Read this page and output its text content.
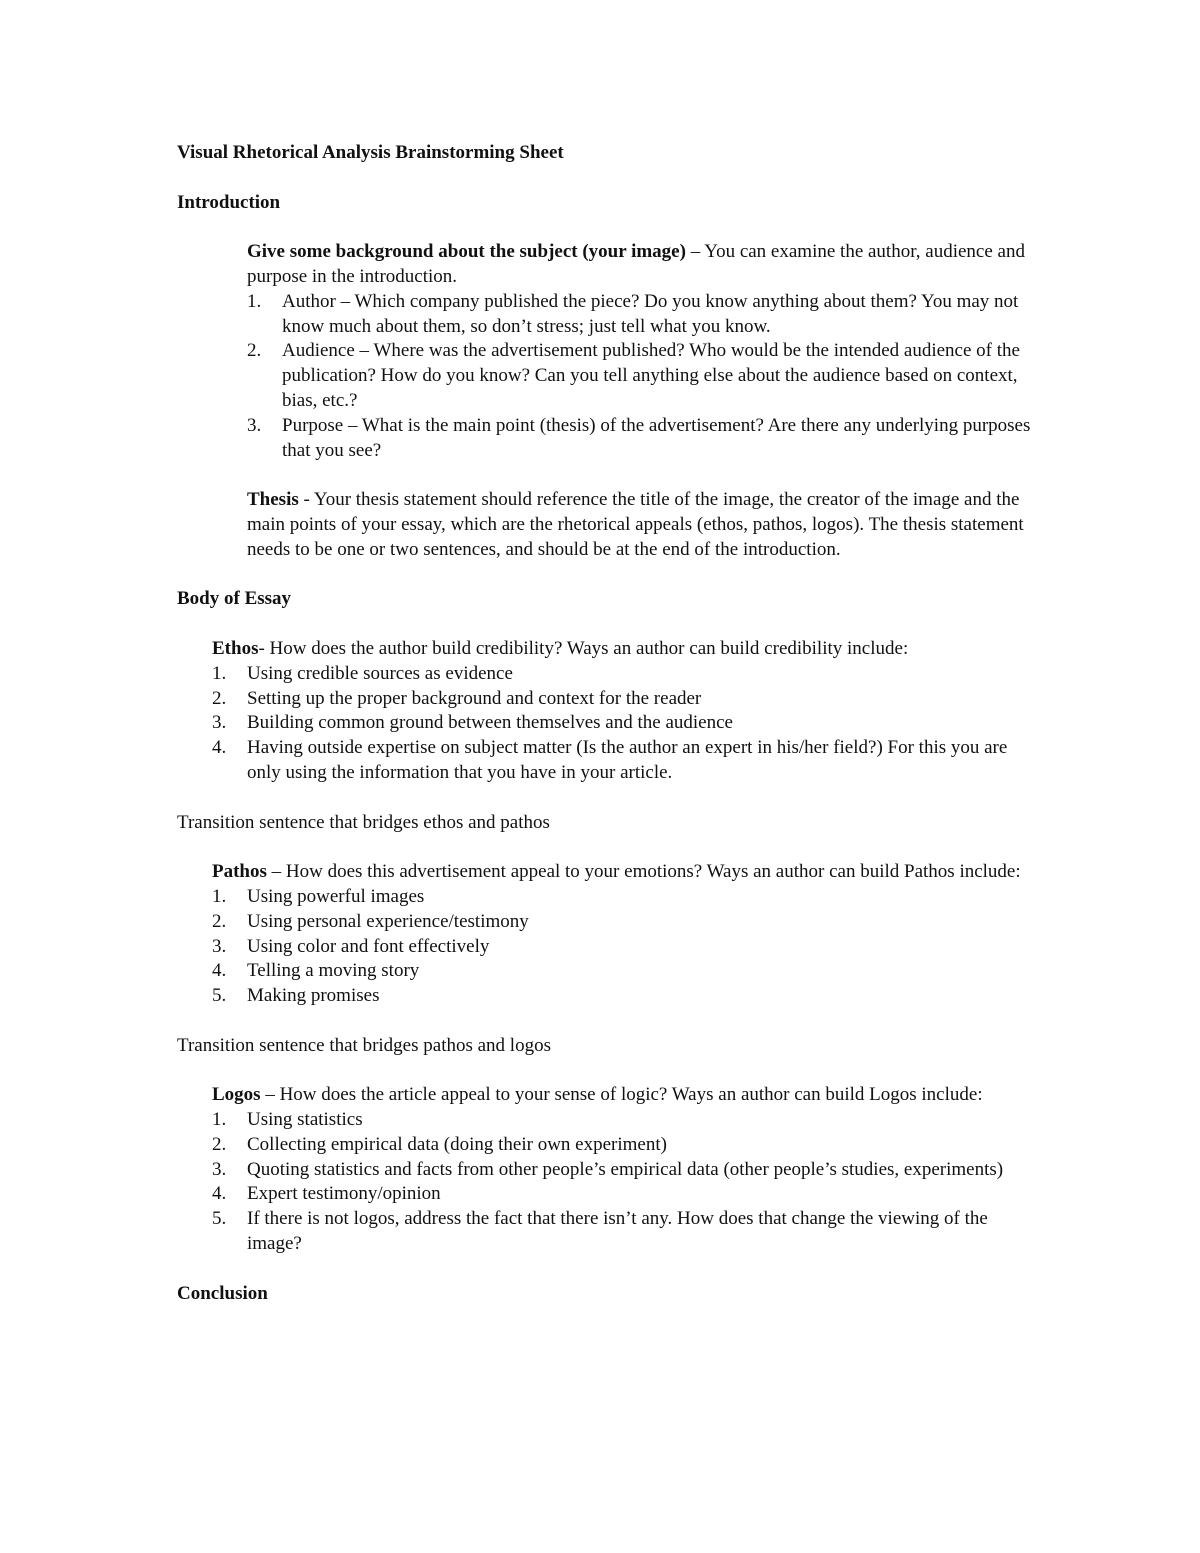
Visual Rhetorical Analysis Brainstorming Sheet

Introduction

Give some background about the subject (your image) – You can examine the author, audience and purpose in the introduction.

1. Author – Which company published the piece? Do you know anything about them? You may not know much about them, so don’t stress; just tell what you know.
2. Audience – Where was the advertisement published? Who would be the intended audience of the publication? How do you know? Can you tell anything else about the audience based on context, bias, etc.?
3. Purpose – What is the main point (thesis) of the advertisement? Are there any underlying purposes that you see?

Thesis - Your thesis statement should reference the title of the image, the creator of the image and the main points of your essay, which are the rhetorical appeals (ethos, pathos, logos). The thesis statement needs to be one or two sentences, and should be at the end of the introduction.

Body of Essay

Ethos- How does the author build credibility? Ways an author can build credibility include:

1. Using credible sources as evidence
2. Setting up the proper background and context for the reader
3. Building common ground between themselves and the audience
4. Having outside expertise on subject matter (Is the author an expert in his/her field?) For this you are only using the information that you have in your article.

Transition sentence that bridges ethos and pathos

Pathos – How does this advertisement appeal to your emotions? Ways an author can build Pathos include:

1. Using powerful images
2. Using personal experience/testimony
3. Using color and font effectively
4. Telling a moving story
5. Making promises

Transition sentence that bridges pathos and logos

Logos – How does the article appeal to your sense of logic? Ways an author can build Logos include:

1. Using statistics
2. Collecting empirical data (doing their own experiment)
3. Quoting statistics and facts from other people’s empirical data (other people’s studies, experiments)
4. Expert testimony/opinion
5. If there is not logos, address the fact that there isn’t any. How does that change the viewing of the image?

Conclusion
